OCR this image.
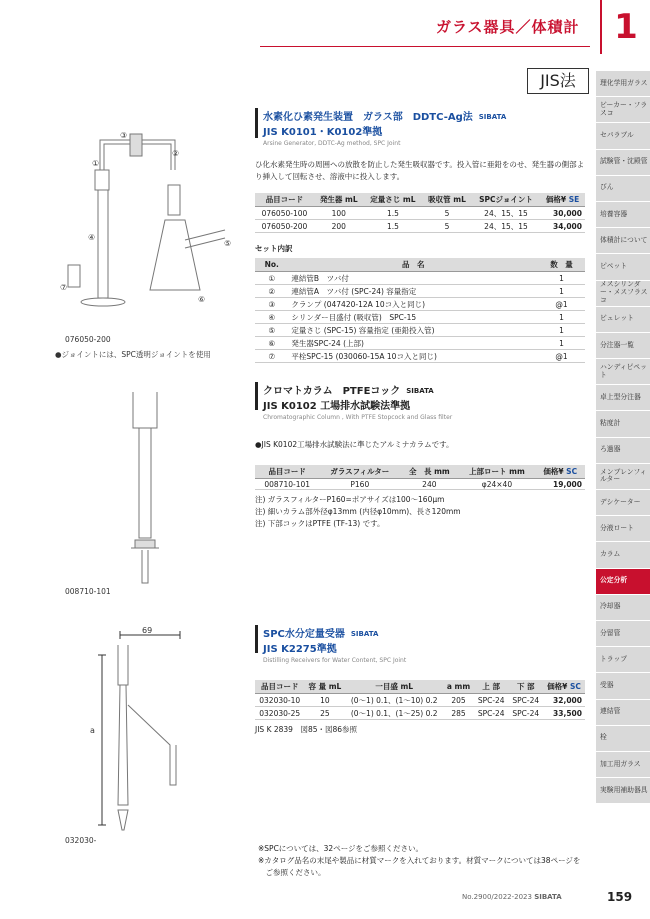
ガラス器具／体積計	1
JIS法	理化学用ガラス
ビーカー・フラスコ
セパラブル
試験管・沈殿管
びん
培養容器
体積計について
ピペット
メスシリンダー・メスフラスコ
ビュレット
分注器一覧
ハンディピペット
卓上型分注器
粘度計
ろ過器
メンブレンフィルター
デシケーター
分液ロート
カラム
公定分析
冷却器
分留管
トラップ
受器
連結管
栓
加工用ガラス
実験用補助器具
水素化ひ素発生装置　ガラス部　DDTC-Ag法 SIBATA
JIS K0101・K0102準拠
Arsine Generator, DDTC-Ag method, SPC Joint
ひ化水素発生時の周囲への放散を防止した発生吸収器です。投入管に亜鉛をのせ、発生器の側部より挿入して回転させ、溶液中に投入します。
品目コード	発生器 mL	定量さじ mL	吸収管 mL	SPCジョイント	価格¥ SE
076050-100	100	1.5	5	24、15、15	30,000
076050-200	200	1.5	5	24、15、15	34,000
セット内訳
No.	品　名	数　量
①	連結管B　ツバ付	1
②	連結管A　ツバ付 (SPC-24) 容量指定	1
③	クランプ (047420-12A 10コ入と同じ)	@1
④	シリンダー目盛付 (吸収管)　SPC-15	1
⑤	定量さじ (SPC-15) 容量指定 (亜鉛投入管)	1
⑥	発生器SPC-24 (上部)	1
⑦	平栓SPC-15 (030060-15A 10コ入と同じ)	@1
③
②
①
④
⑤
⑥
⑦
076050-200
●ジョイントには、SPC透明ジョイントを使用
クロマトカラム　PTFEコック SIBATA
JIS K0102 工場排水試験法準拠
Chromatographic Column , With PTFE Stopcock and Glass filter
●JIS K0102工場排水試験法に準じたアルミナカラムです。
品目コード	ガラスフィルター	全　長 mm	上部ロート mm	価格¥ SC
008710-101	P160	240	φ24×40	19,000
注) ガラスフィルターP160=ポアサイズは100〜160μm
注) 細いカラム部外径φ13mm (内径φ10mm)、長さ120mm
注) 下部コックはPTFE (TF-13) です。
008710-101
SPC水分定量受器 SIBATA
JIS K2275準拠
Distilling Receivers for Water Content, SPC Joint
品目コード	容 量 mL	一目盛 mL	a mm	上 部	下 部	価格¥ SC
032030-10	10	(0〜1) 0.1、(1〜10) 0.2	205	SPC-24	SPC-24	32,000
032030-25	25	(0〜1) 0.1、(1〜25) 0.2	285	SPC-24	SPC-24	33,500
JIS K 2839　図85・図86参照
69
a
032030-
※SPCについては、32ページをご参照ください。
※カタログ品名の末尾や製品に材質マークを入れております。材質マークについては38ページを
　ご参照ください。
No.2900/2022-2023 SIBATA	159
